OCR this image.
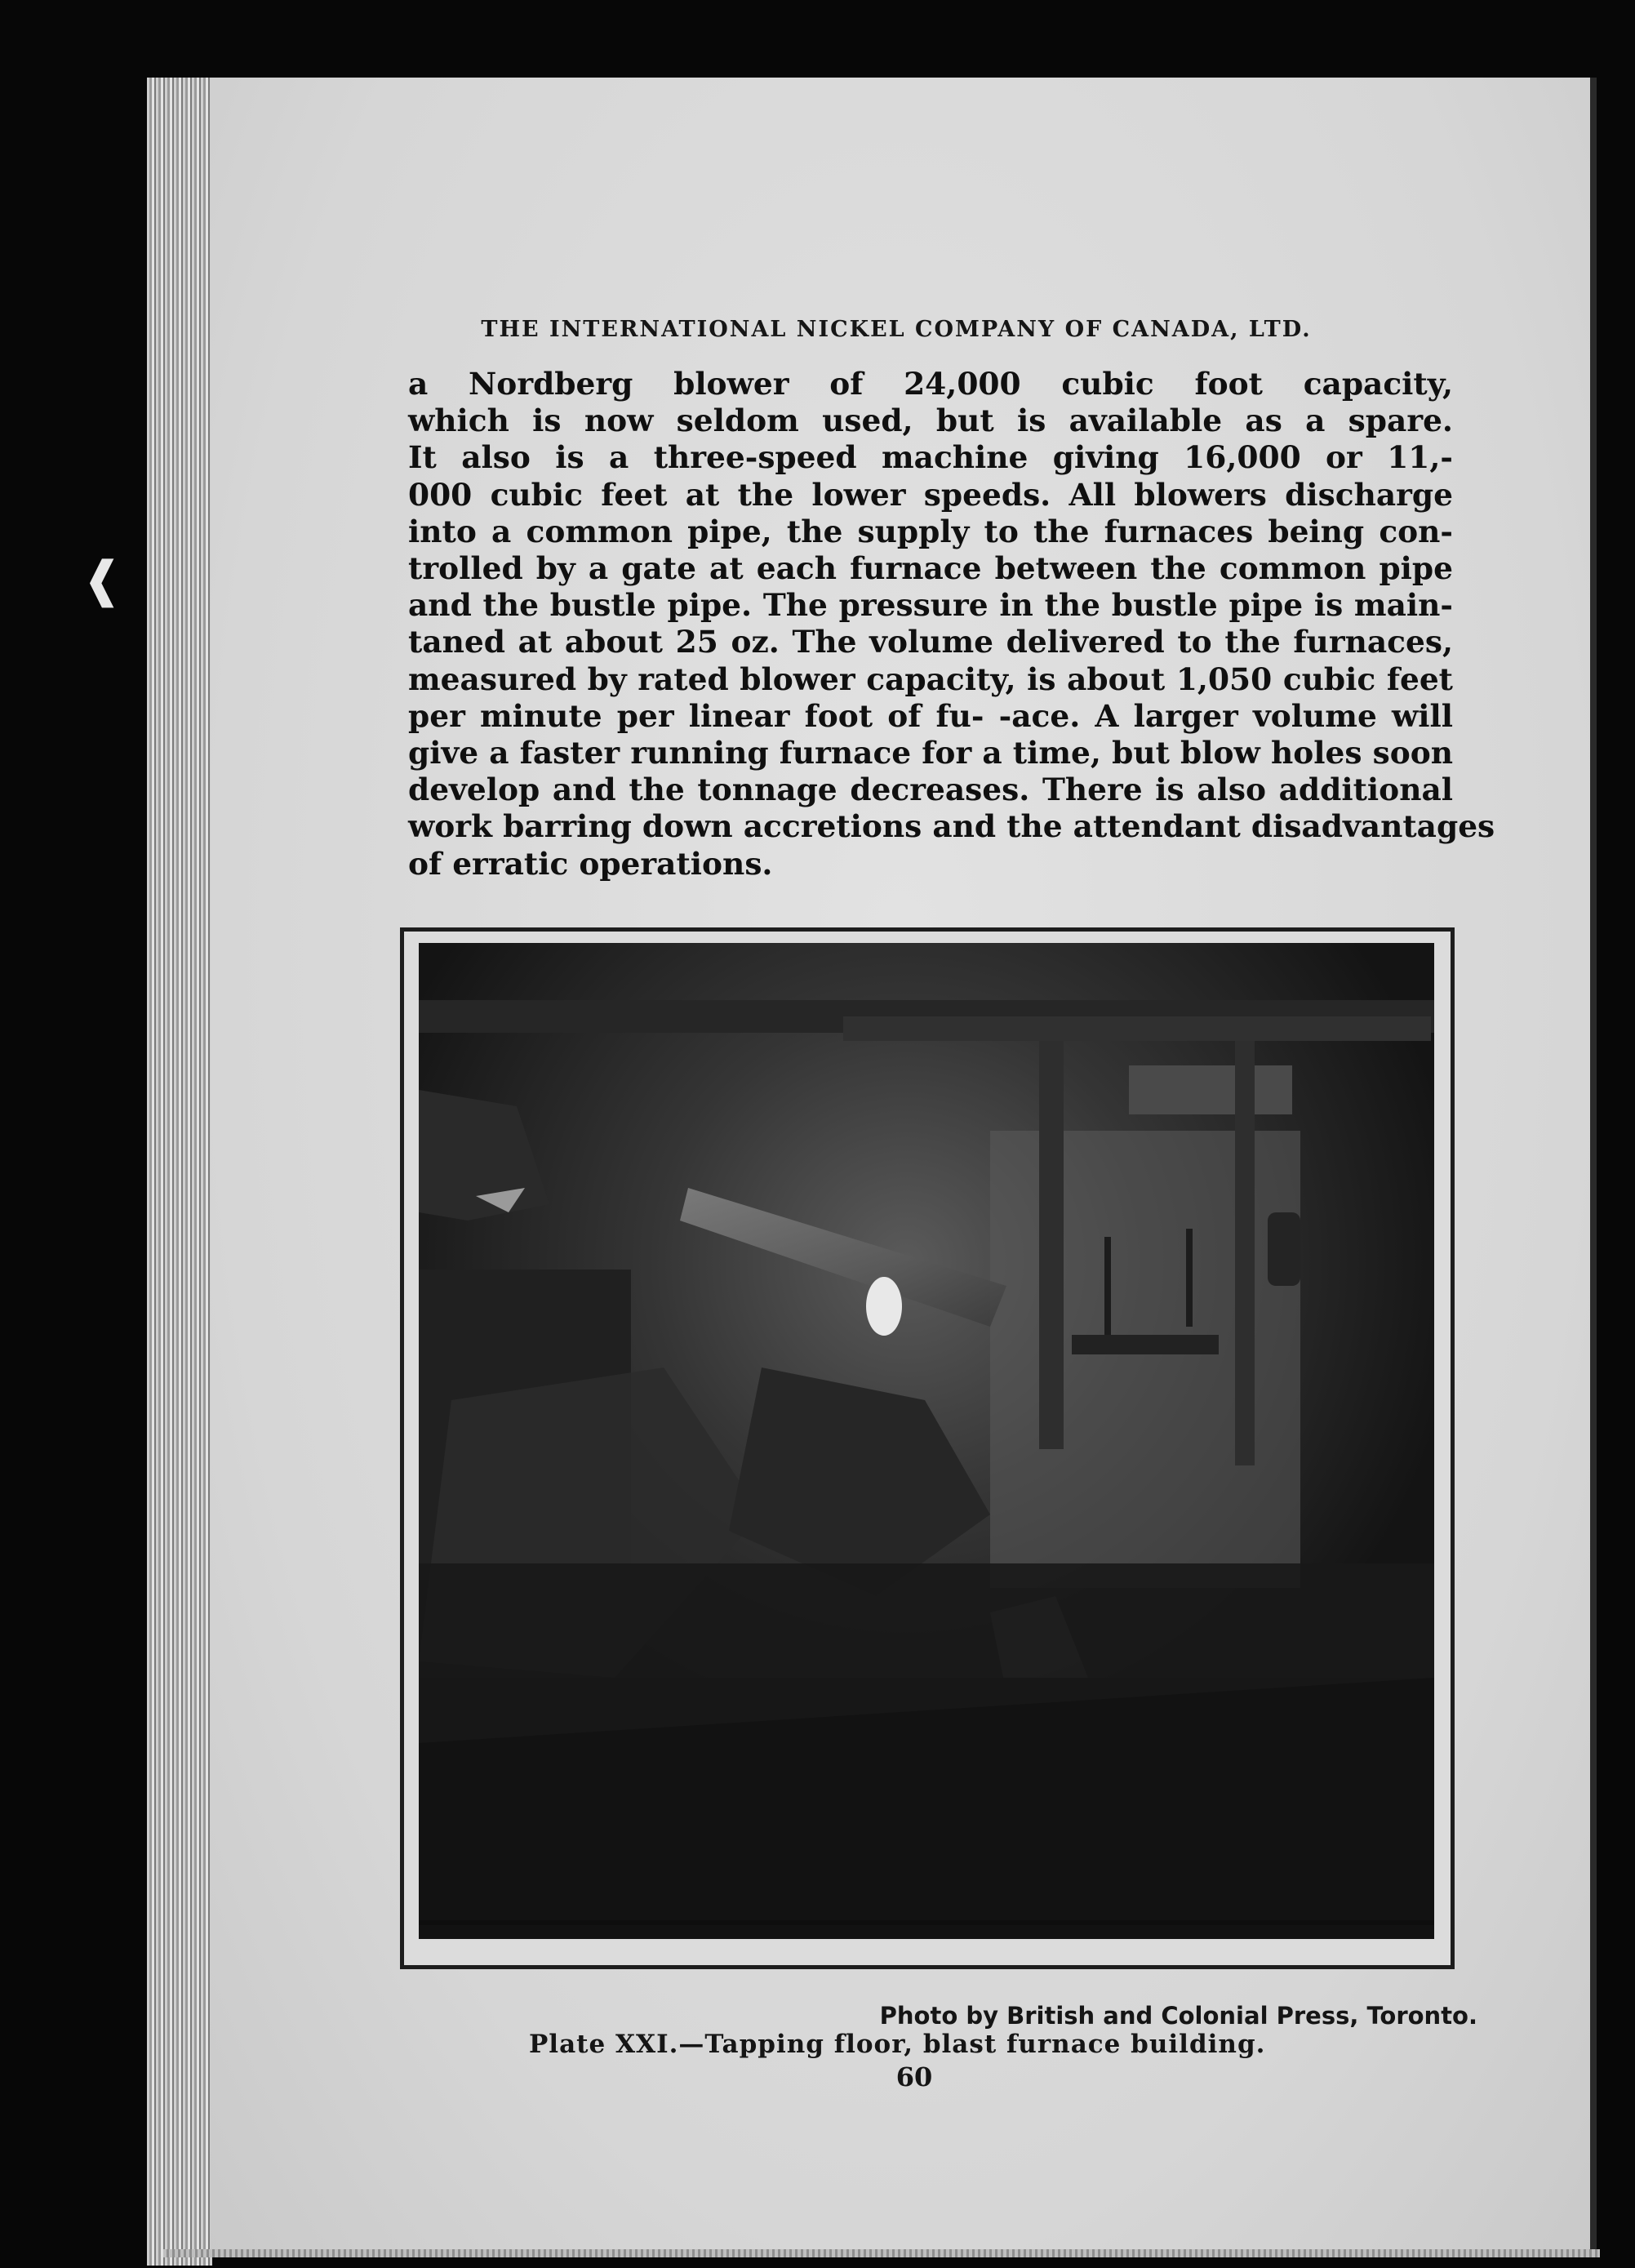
❰
THE INTERNATIONAL NICKEL COMPANY OF CANADA, LTD.
a Nordberg blower of 24,000 cubic foot capacity,
which is now seldom used, but is available as a spare.
It also is a three-speed machine giving 16,000 or 11,-
000 cubic feet at the lower speeds. All blowers discharge
into a common pipe, the supply to the furnaces being con-
trolled by a gate at each furnace between the common pipe
and the bustle pipe. The pressure in the bustle pipe is main-
taned at about 25 oz. The volume delivered to the furnaces,
measured by rated blower capacity, is about 1,050 cubic feet
per minute per linear foot of fu- -ace. A larger volume will
give a faster running furnace for a time, but blow holes soon
develop and the tonnage decreases. There is also additional
work barring down accretions and the attendant disadvantages
of erratic operations.
Photo by British and Colonial Press, Toronto.
Plate XXI.—Tapping floor, blast furnace building.
60
